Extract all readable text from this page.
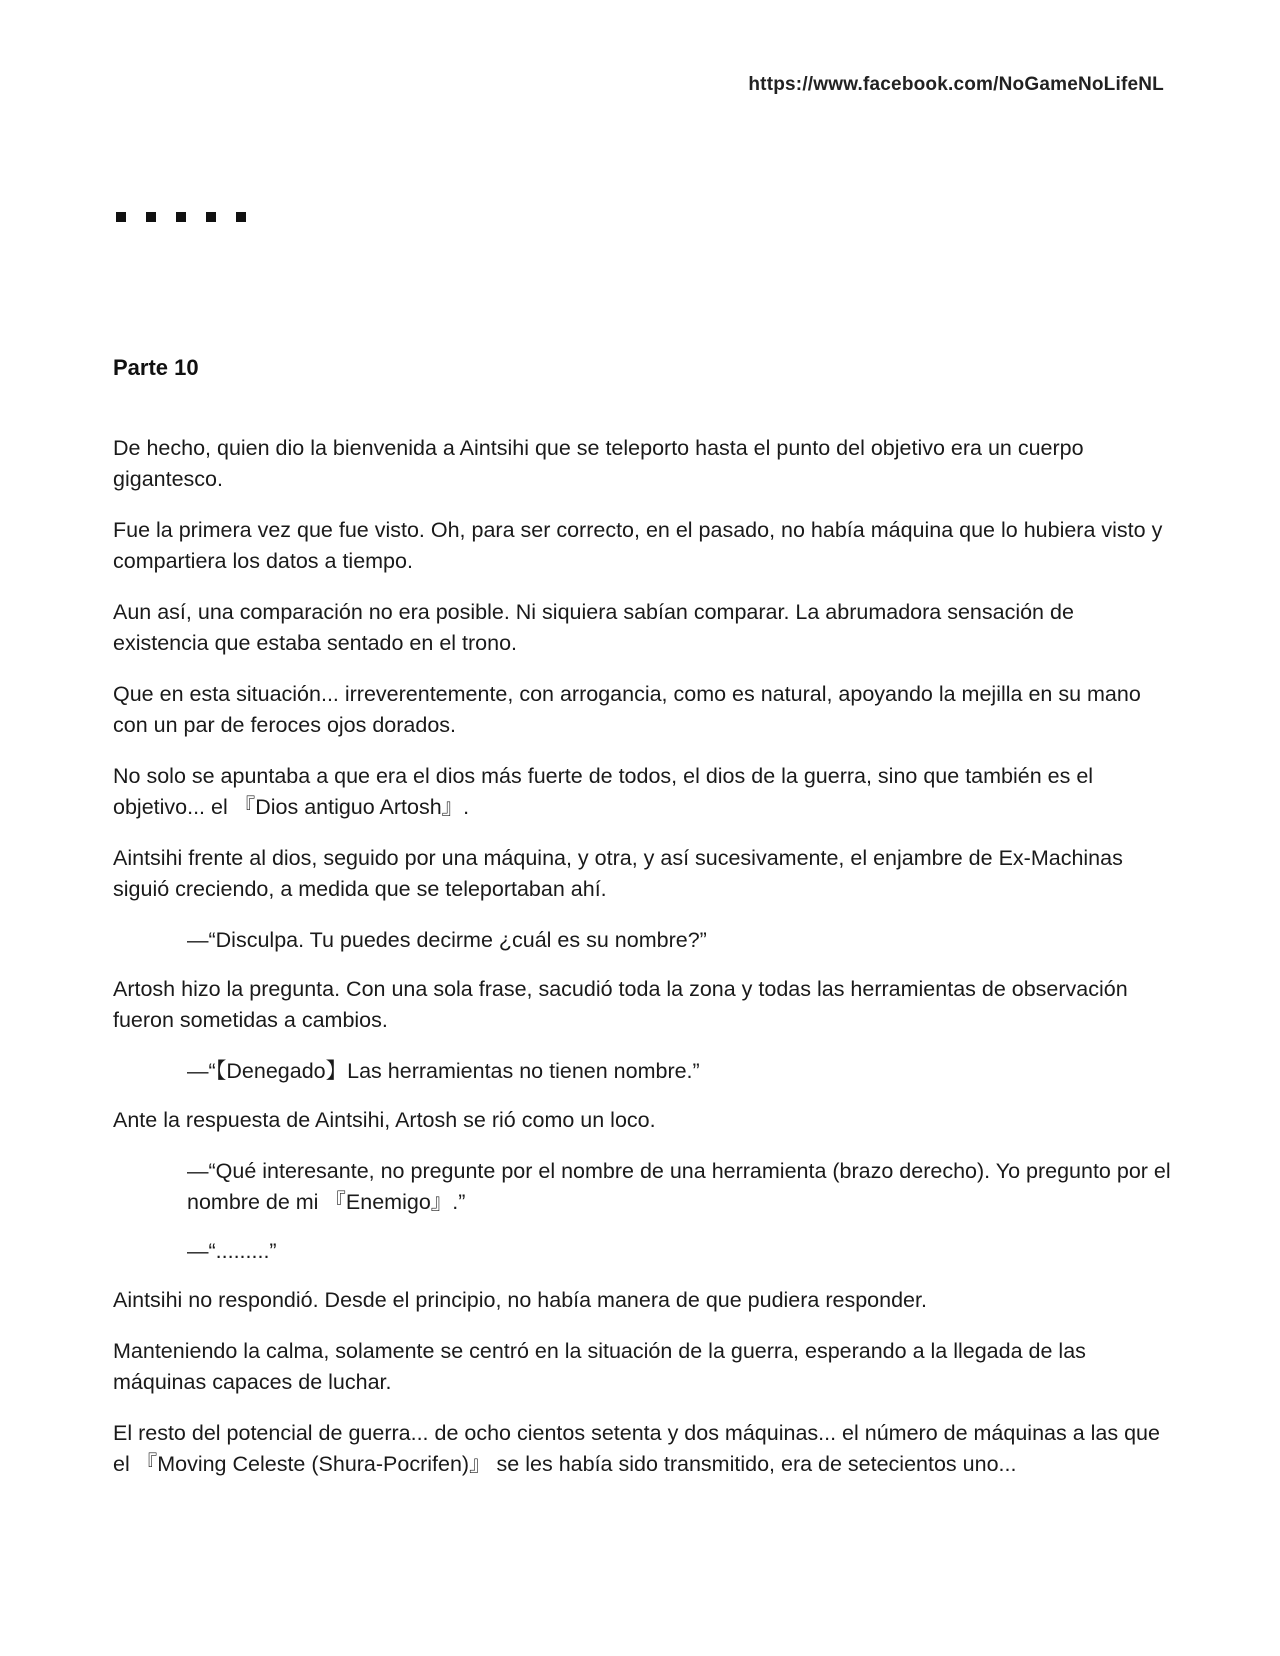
https://www.facebook.com/NoGameNoLifeNL
Parte 10

De hecho, quien dio la bienvenida a Aintsihi que se teleporto hasta el punto del objetivo era un cuerpo gigantesco.

Fue la primera vez que fue visto. Oh, para ser correcto, en el pasado, no había máquina que lo hubiera visto y compartiera los datos a tiempo.

Aun así, una comparación no era posible. Ni siquiera sabían comparar. La abrumadora sensación de existencia que estaba sentado en el trono.

Que en esta situación... irreverentemente, con arrogancia, como es natural, apoyando la mejilla en su mano con un par de feroces ojos dorados.

No solo se apuntaba a que era el dios más fuerte de todos, el dios de la guerra, sino que también es el objetivo... el 『Dios antiguo Artosh』.

Aintsihi frente al dios, seguido por una máquina, y otra, y así sucesivamente, el enjambre de Ex-Machinas siguió creciendo, a medida que se teleportaban ahí.

—“Disculpa. Tu puedes decirme ¿cuál es su nombre?”

Artosh hizo la pregunta. Con una sola frase, sacudió toda la zona y todas las herramientas de observación fueron sometidas a cambios.

—“【Denegado】Las herramientas no tienen nombre.”

Ante la respuesta de Aintsihi, Artosh se rió como un loco.

—“Qué interesante, no pregunte por el nombre de una herramienta (brazo derecho). Yo pregunto por el nombre de mi 『Enemigo』.”

—“.........”

Aintsihi no respondió. Desde el principio, no había manera de que pudiera responder.

Manteniendo la calma, solamente se centró en la situación de la guerra, esperando a la llegada de las máquinas capaces de luchar.

El resto del potencial de guerra... de ocho cientos setenta y dos máquinas... el número de máquinas a las que el 『Moving Celeste (Shura-Pocrifen)』 se les había sido transmitido, era de setecientos uno...
